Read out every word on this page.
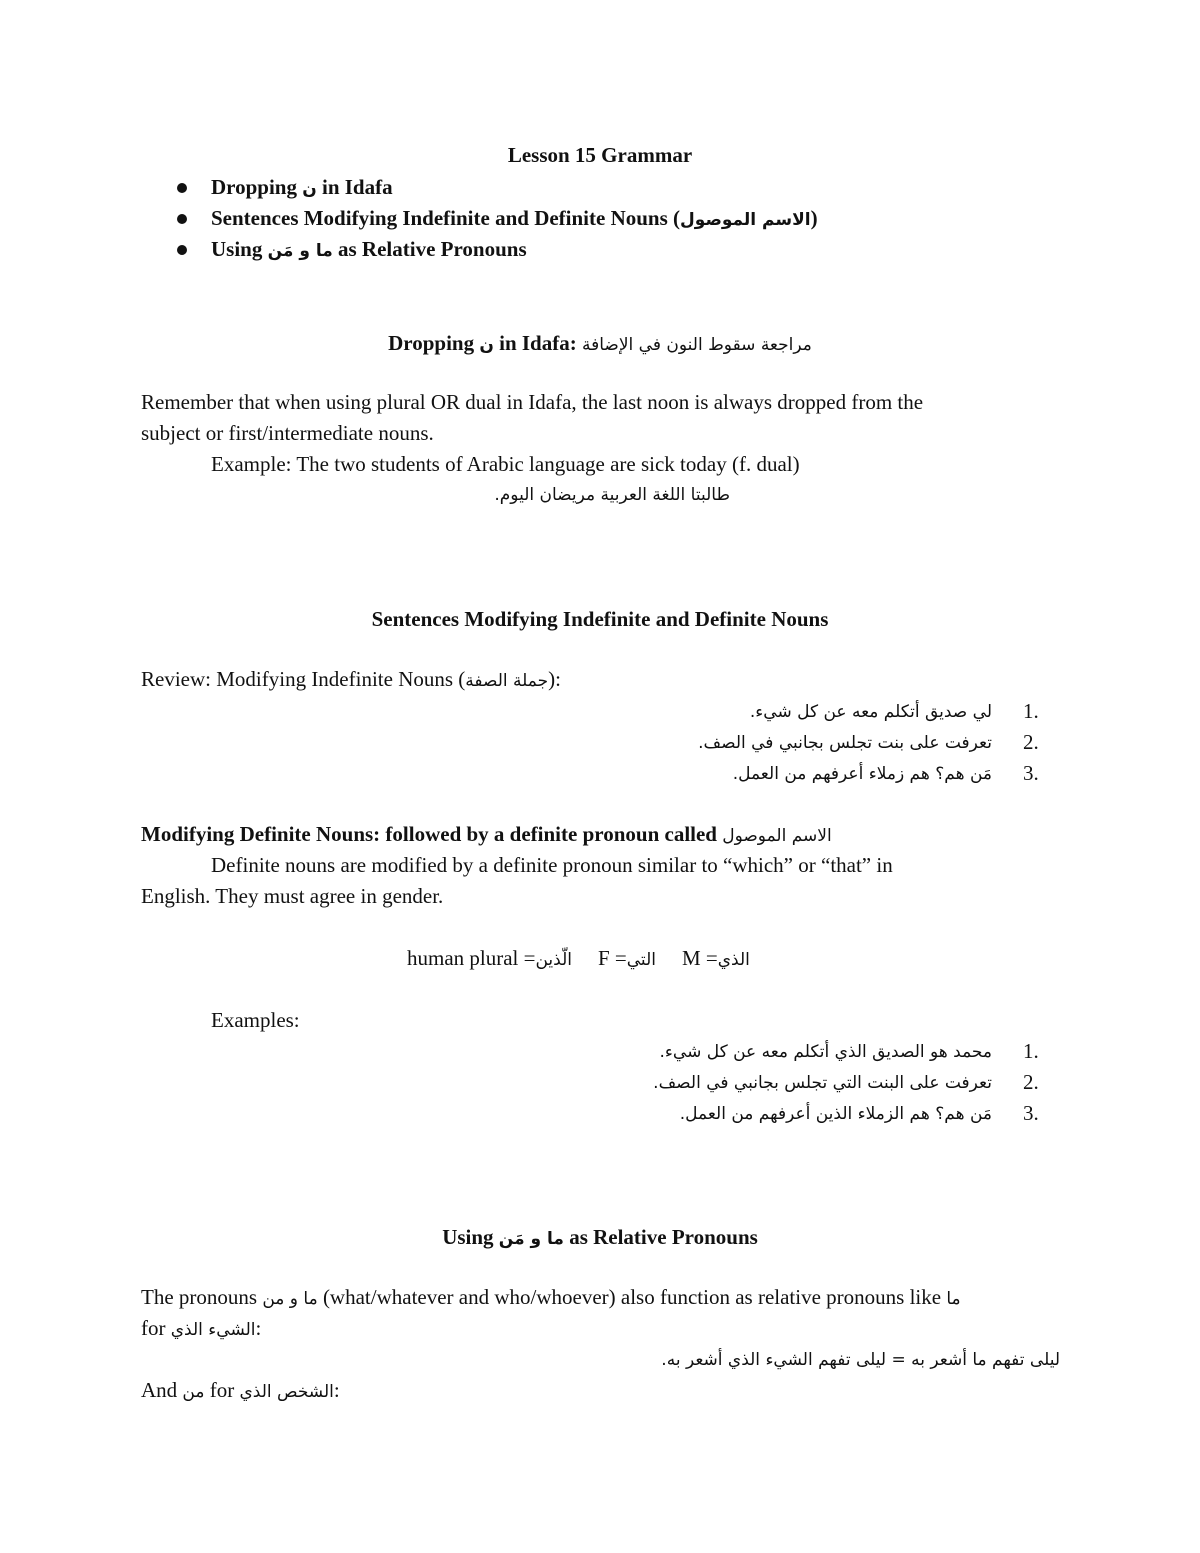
Lesson 15 Grammar
Dropping ن in Idafa
Sentences Modifying Indefinite and Definite Nouns (الاسم الموصول)
Using ما و مَن as Relative Pronouns
Dropping ن in Idafa: مراجعة سقوط النون في الإضافة
Remember that when using plural OR dual in Idafa, the last noon is always dropped from the
subject or first/intermediate nouns.
Example: The two students of Arabic language are sick today (f. dual)
طالبتا اللغة العربية مريضان اليوم.
Sentences Modifying Indefinite and Definite Nouns
Review: Modifying Indefinite Nouns (جملة الصفة):
لي صديق أتكلم معه عن كل شيء. 1.
تعرفت على بنت تجلس بجانبي في الصف. 2.
مَن هم؟ هم زملاء أعرفهم من العمل. 3.
Modifying Definite Nouns: followed by a definite pronoun called الاسم الموصول
Definite nouns are modified by a definite pronoun similar to “which” or “that” in
English. They must agree in gender.
human plural =الّذين F =التي M =الذي
Examples:
محمد هو الصديق الذي أتكلم معه عن كل شيء. 1.
تعرفت على البنت التي تجلس بجانبي في الصف. 2.
مَن هم؟ هم الزملاء الذين أعرفهم من العمل. 3.
Using ما و مَن as Relative Pronouns
The pronouns ما و من (what/whatever and who/whoever) also function as relative pronouns like ما
for الشيء الذي:
ليلى تفهم ما أشعر به = ليلى تفهم الشيء الذي أشعر به.
And من for الشخص الذي:
